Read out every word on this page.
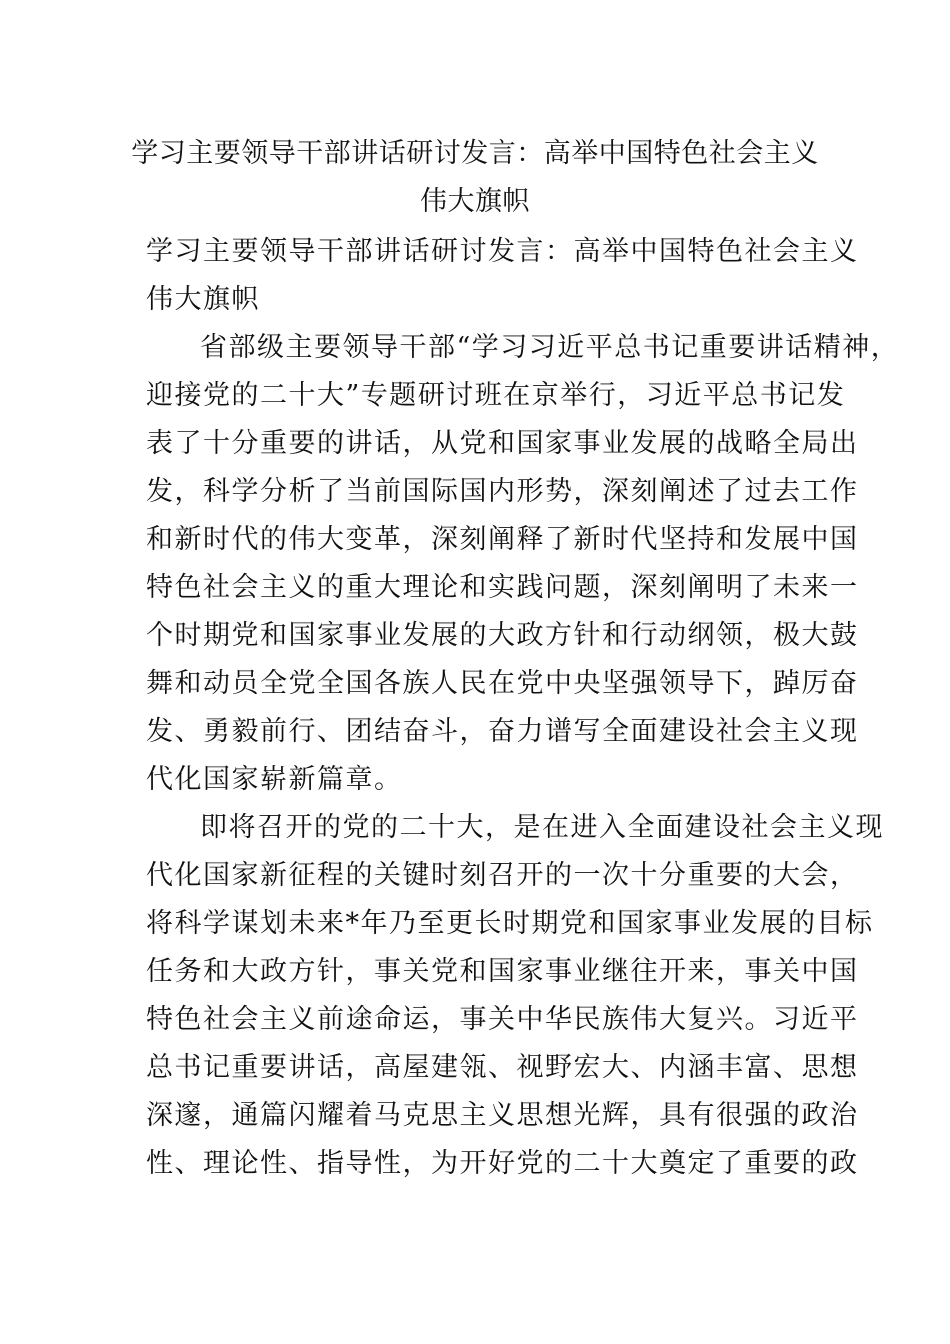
学习主要领导干部讲话研讨发言：高举中国特色社会主义
伟大旗帜
学习主要领导干部讲话研讨发言：高举中国特色社会主义
伟大旗帜
省部级主要领导干部“学习习近平总书记重要讲话精神，
迎接党的二十大”专题研讨班在京举行，习近平总书记发
表了十分重要的讲话，从党和国家事业发展的战略全局出
发，科学分析了当前国际国内形势，深刻阐述了过去工作
和新时代的伟大变革，深刻阐释了新时代坚持和发展中国
特色社会主义的重大理论和实践问题，深刻阐明了未来一
个时期党和国家事业发展的大政方针和行动纲领，极大鼓
舞和动员全党全国各族人民在党中央坚强领导下，踔厉奋
发、勇毅前行、团结奋斗，奋力谱写全面建设社会主义现
代化国家崭新篇章。
即将召开的党的二十大，是在进入全面建设社会主义现
代化国家新征程的关键时刻召开的一次十分重要的大会，
将科学谋划未来*年乃至更长时期党和国家事业发展的目标
任务和大政方针，事关党和国家事业继往开来，事关中国
特色社会主义前途命运，事关中华民族伟大复兴。习近平
总书记重要讲话，高屋建瓴、视野宏大、内涵丰富、思想
深邃，通篇闪耀着马克思主义思想光辉，具有很强的政治
性、理论性、指导性，为开好党的二十大奠定了重要的政
